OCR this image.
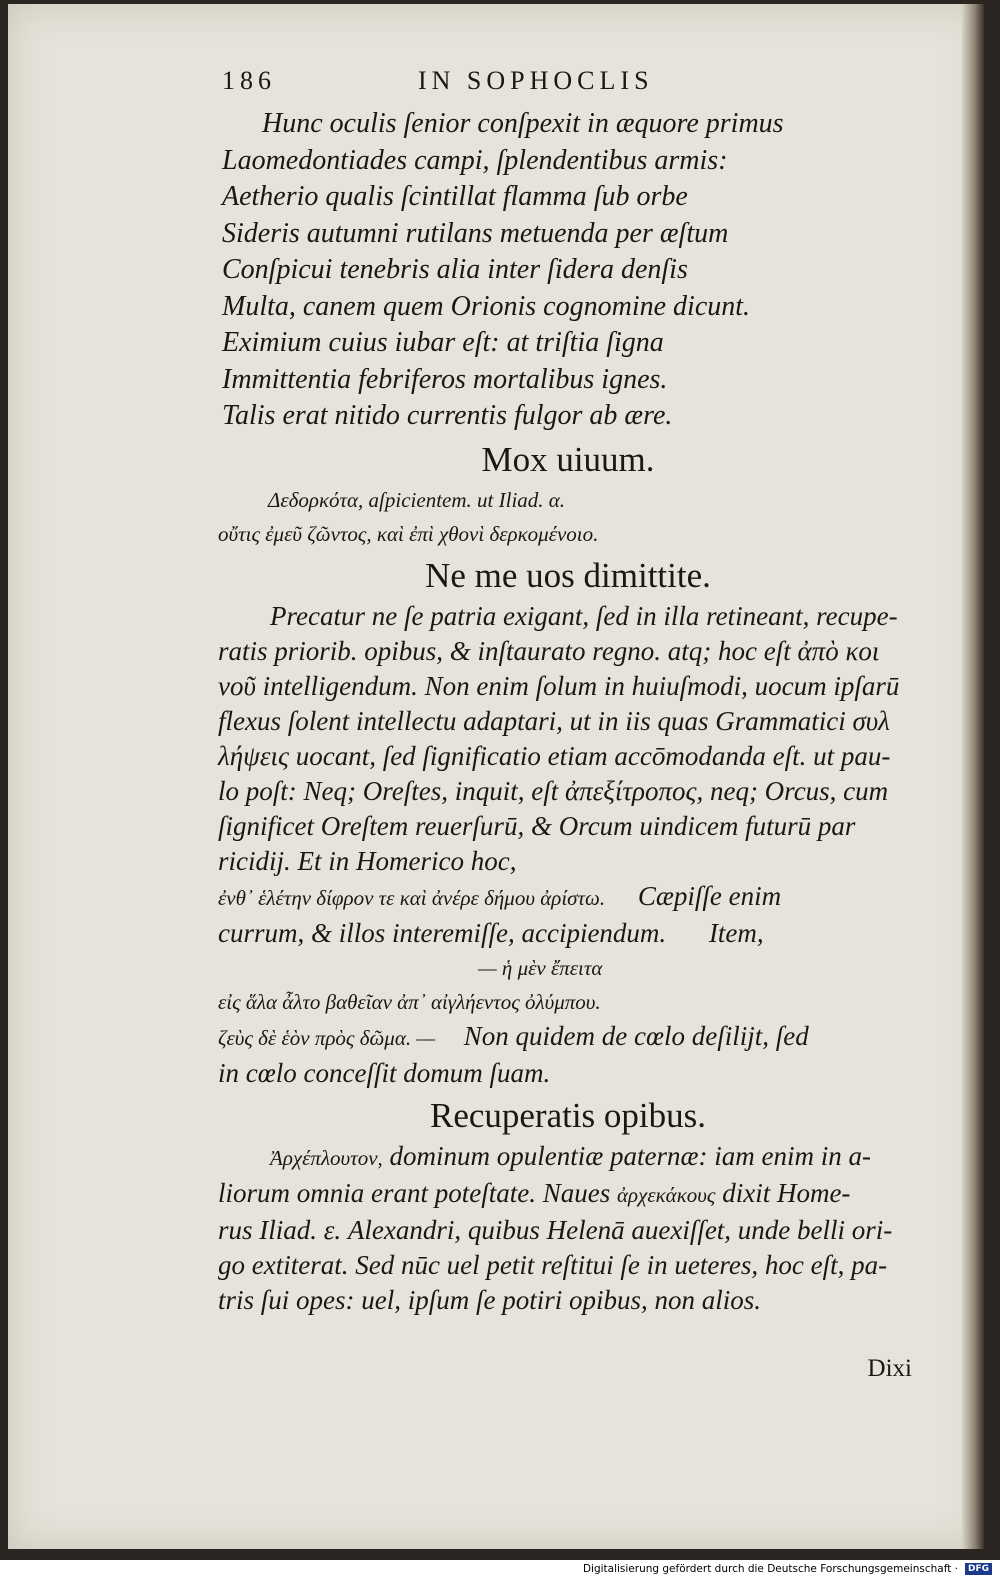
186	IN SOPHOCLIS
Hunc oculis ſenior conſpexit in æquore primus
Laomedontiades campi, ſplendentibus armis:
Aetherio qualis ſcintillat flamma ſub orbe
Sideris autumni rutilans metuenda per æſtum
Conſpicui tenebris alia inter ſidera denſis
Multa, canem quem Orionis cognomine dicunt.
Eximium cuius iubar eſt: at triſtia ſigna
Immittentia febriferos mortalibus ignes.
Talis erat nitido currentis fulgor ab ære.
Mox uiuum.
Δεδορκότα, aſpicientem. ut Iliad. α.
οὔτις ἐμεῦ ζῶντος, καὶ ἐπὶ χθονὶ δερκομένοιο.
Ne me uos dimittite.
Precatur ne ſe patria exigant, ſed in illa retineant, recupe-
ratis priorib. opibus, & inſtaurato regno. atq; hoc eſt ἀπὸ κοι
νοῦ intelligendum. Non enim ſolum in huiuſmodi, uocum ipſarū
flexus ſolent intellectu adaptari, ut in iis quas Grammatici συλ
λήψεις uocant, ſed ſignificatio etiam accōmodanda eſt. ut pau-
lo poſt: Neq; Oreſtes, inquit, eſt ἀπεξίτροπος, neq; Orcus, cum
ſignificet Oreſtem reuerſurū, & Orcum uindicem futurū par
ricidij. Et in Homerico hoc,
ἐνθ᾽ ἑλέτην δίφρον τε καὶ ἀνέρε δήμου ἀρίστω. Cæpiſſe enim
currum, & illos interemiſſe, accipiendum. Item,
— ἡ μὲν ἔπειτα
εἰς ἅλα ἆλτο βαθεῖαν ἀπ᾽ αἰγλήεντος ὀλύμπου.
ζεὺς δὲ ἑὸν πρὸς δῶμα. — Non quidem de cœlo deſilijt, ſed
in cœlo conceſſit domum ſuam.
Recuperatis opibus.
Ἀρχέπλουτον, dominum opulentiæ paternæ: iam enim in a-
liorum omnia erant poteſtate. Naues ἀρχεκάκους dixit Home-
rus Iliad. ε. Alexandri, quibus Helenā auexiſſet, unde belli ori-
go extiterat. Sed nūc uel petit reſtitui ſe in ueteres, hoc eſt, pa-
tris ſui opes: uel, ipſum ſe potiri opibus, non alios.
Dixi
Digitalisierung gefördert durch die Deutsche Forschungsgemeinschaft ·	DFG
